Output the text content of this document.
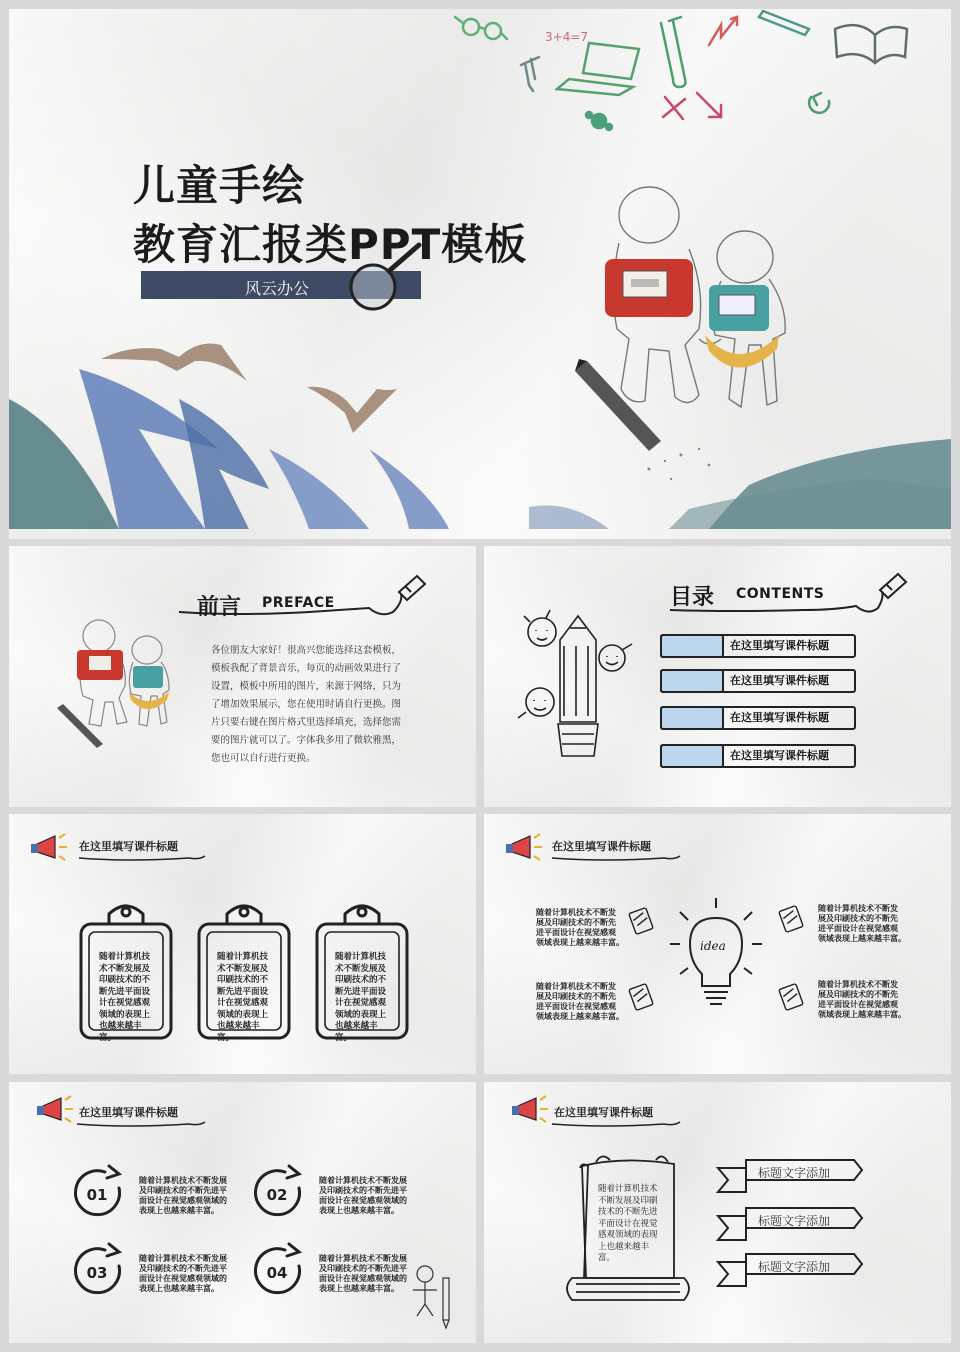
3+4=7
儿童手绘
教育汇报类PPT模板
风云办公
前言 PREFACE
各位朋友大家好！很高兴您能选择这套模板，
模板我配了背景音乐，每页的动画效果进行了
设置，模板中所用的图片，来源于网络，只为
了增加效果展示，您在使用时请自行更换。图
片只要右键在图片格式里选择填充，选择您需
要的图片就可以了。字体我多用了微软雅黑，
您也可以自行进行更换。
目录 CONTENTS
在这里填写课件标题
在这里填写课件标题
在这里填写课件标题
在这里填写课件标题
在这里填写课件标题
随着计算机技术不断发展及印刷技术的不断先进平面设计在视觉感观领域的表现上也越来越丰富。
随着计算机技术不断发展及印刷技术的不断先进平面设计在视觉感观领域的表现上也越来越丰富。
随着计算机技术不断发展及印刷技术的不断先进平面设计在视觉感观领域的表现上也越来越丰富。
idea
在这里填写课件标题
随着计算机技术不断发
展及印刷技术的不断先
进平面设计在视觉感观
领域表现上越来越丰富。
随着计算机技术不断发
展及印刷技术的不断先
进平面设计在视觉感观
领域表现上越来越丰富。
随着计算机技术不断发
展及印刷技术的不断先
进平面设计在视觉感观
领域表现上越来越丰富。
随着计算机技术不断发
展及印刷技术的不断先
进平面设计在视觉感观
领域表现上越来越丰富。
在这里填写课件标题
01	02
03	04
随着计算机技术不断发展
及印刷技术的不断先进平
面设计在视觉感观领域的
表现上也越来越丰富。
随着计算机技术不断发展
及印刷技术的不断先进平
面设计在视觉感观领域的
表现上也越来越丰富。
随着计算机技术不断发展
及印刷技术的不断先进平
面设计在视觉感观领域的
表现上也越来越丰富。
随着计算机技术不断发展
及印刷技术的不断先进平
面设计在视觉感观领域的
表现上也越来越丰富。
在这里填写课件标题
随着计算机技术不断发展及印刷技术的不断先进平面设计在视觉感观领域的表现上也越来越丰富。
标题文字添加
标题文字添加
标题文字添加
